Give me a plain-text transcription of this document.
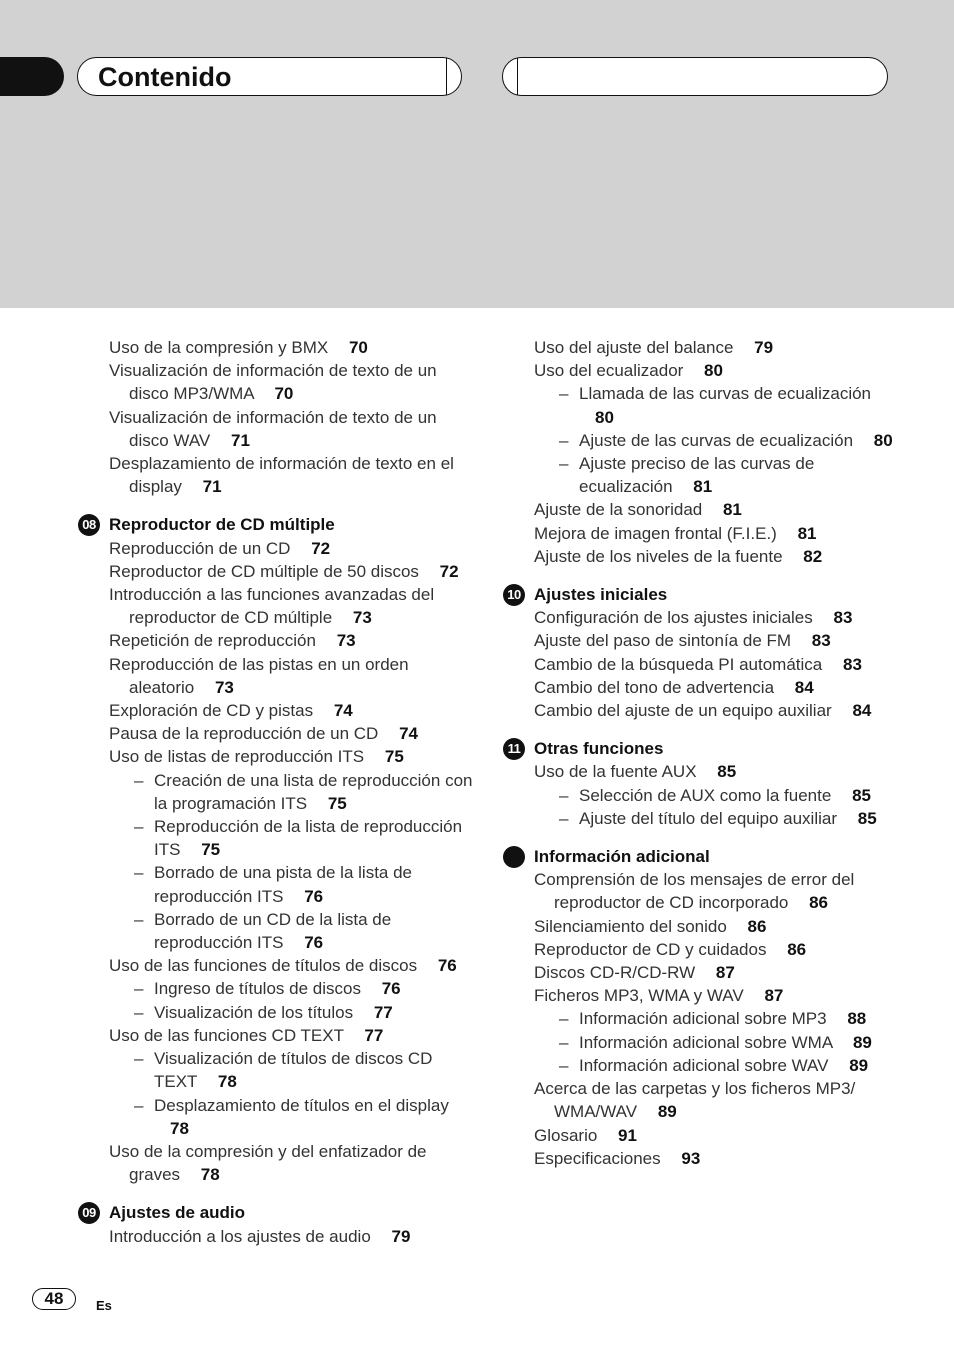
Contenido
Uso de la compresión y BMX 70
Visualización de información de texto de un disco MP3/WMA 70
Visualización de información de texto de un disco WAV 71
Desplazamiento de información de texto en el display 71
08 Reproductor de CD múltiple
Reproducción de un CD 72
Reproductor de CD múltiple de 50 discos 72
Introducción a las funciones avanzadas del reproductor de CD múltiple 73
Repetición de reproducción 73
Reproducción de las pistas en un orden aleatorio 73
Exploración de CD y pistas 74
Pausa de la reproducción de un CD 74
Uso de listas de reproducción ITS 75
– Creación de una lista de reproducción con la programación ITS 75
– Reproducción de la lista de reproducción ITS 75
– Borrado de una pista de la lista de reproducción ITS 76
– Borrado de un CD de la lista de reproducción ITS 76
Uso de las funciones de títulos de discos 76
– Ingreso de títulos de discos 76
– Visualización de los títulos 77
Uso de las funciones CD TEXT 77
– Visualización de títulos de discos CD TEXT 78
– Desplazamiento de títulos en el display 78
Uso de la compresión y del enfatizador de graves 78
09 Ajustes de audio
Introducción a los ajustes de audio 79
Uso del ajuste del balance 79
Uso del ecualizador 80
– Llamada de las curvas de ecualización 80
– Ajuste de las curvas de ecualización 80
– Ajuste preciso de las curvas de ecualización 81
Ajuste de la sonoridad 81
Mejora de imagen frontal (F.I.E.) 81
Ajuste de los niveles de la fuente 82
10 Ajustes iniciales
Configuración de los ajustes iniciales 83
Ajuste del paso de sintonía de FM 83
Cambio de la búsqueda PI automática 83
Cambio del tono de advertencia 84
Cambio del ajuste de un equipo auxiliar 84
11 Otras funciones
Uso de la fuente AUX 85
– Selección de AUX como la fuente 85
– Ajuste del título del equipo auxiliar 85
Información adicional
Comprensión de los mensajes de error del reproductor de CD incorporado 86
Silenciamiento del sonido 86
Reproductor de CD y cuidados 86
Discos CD-R/CD-RW 87
Ficheros MP3, WMA y WAV 87
– Información adicional sobre MP3 88
– Información adicional sobre WMA 89
– Información adicional sobre WAV 89
Acerca de las carpetas y los ficheros MP3/ WMA/WAV 89
Glosario 91
Especificaciones 93
48	Es
